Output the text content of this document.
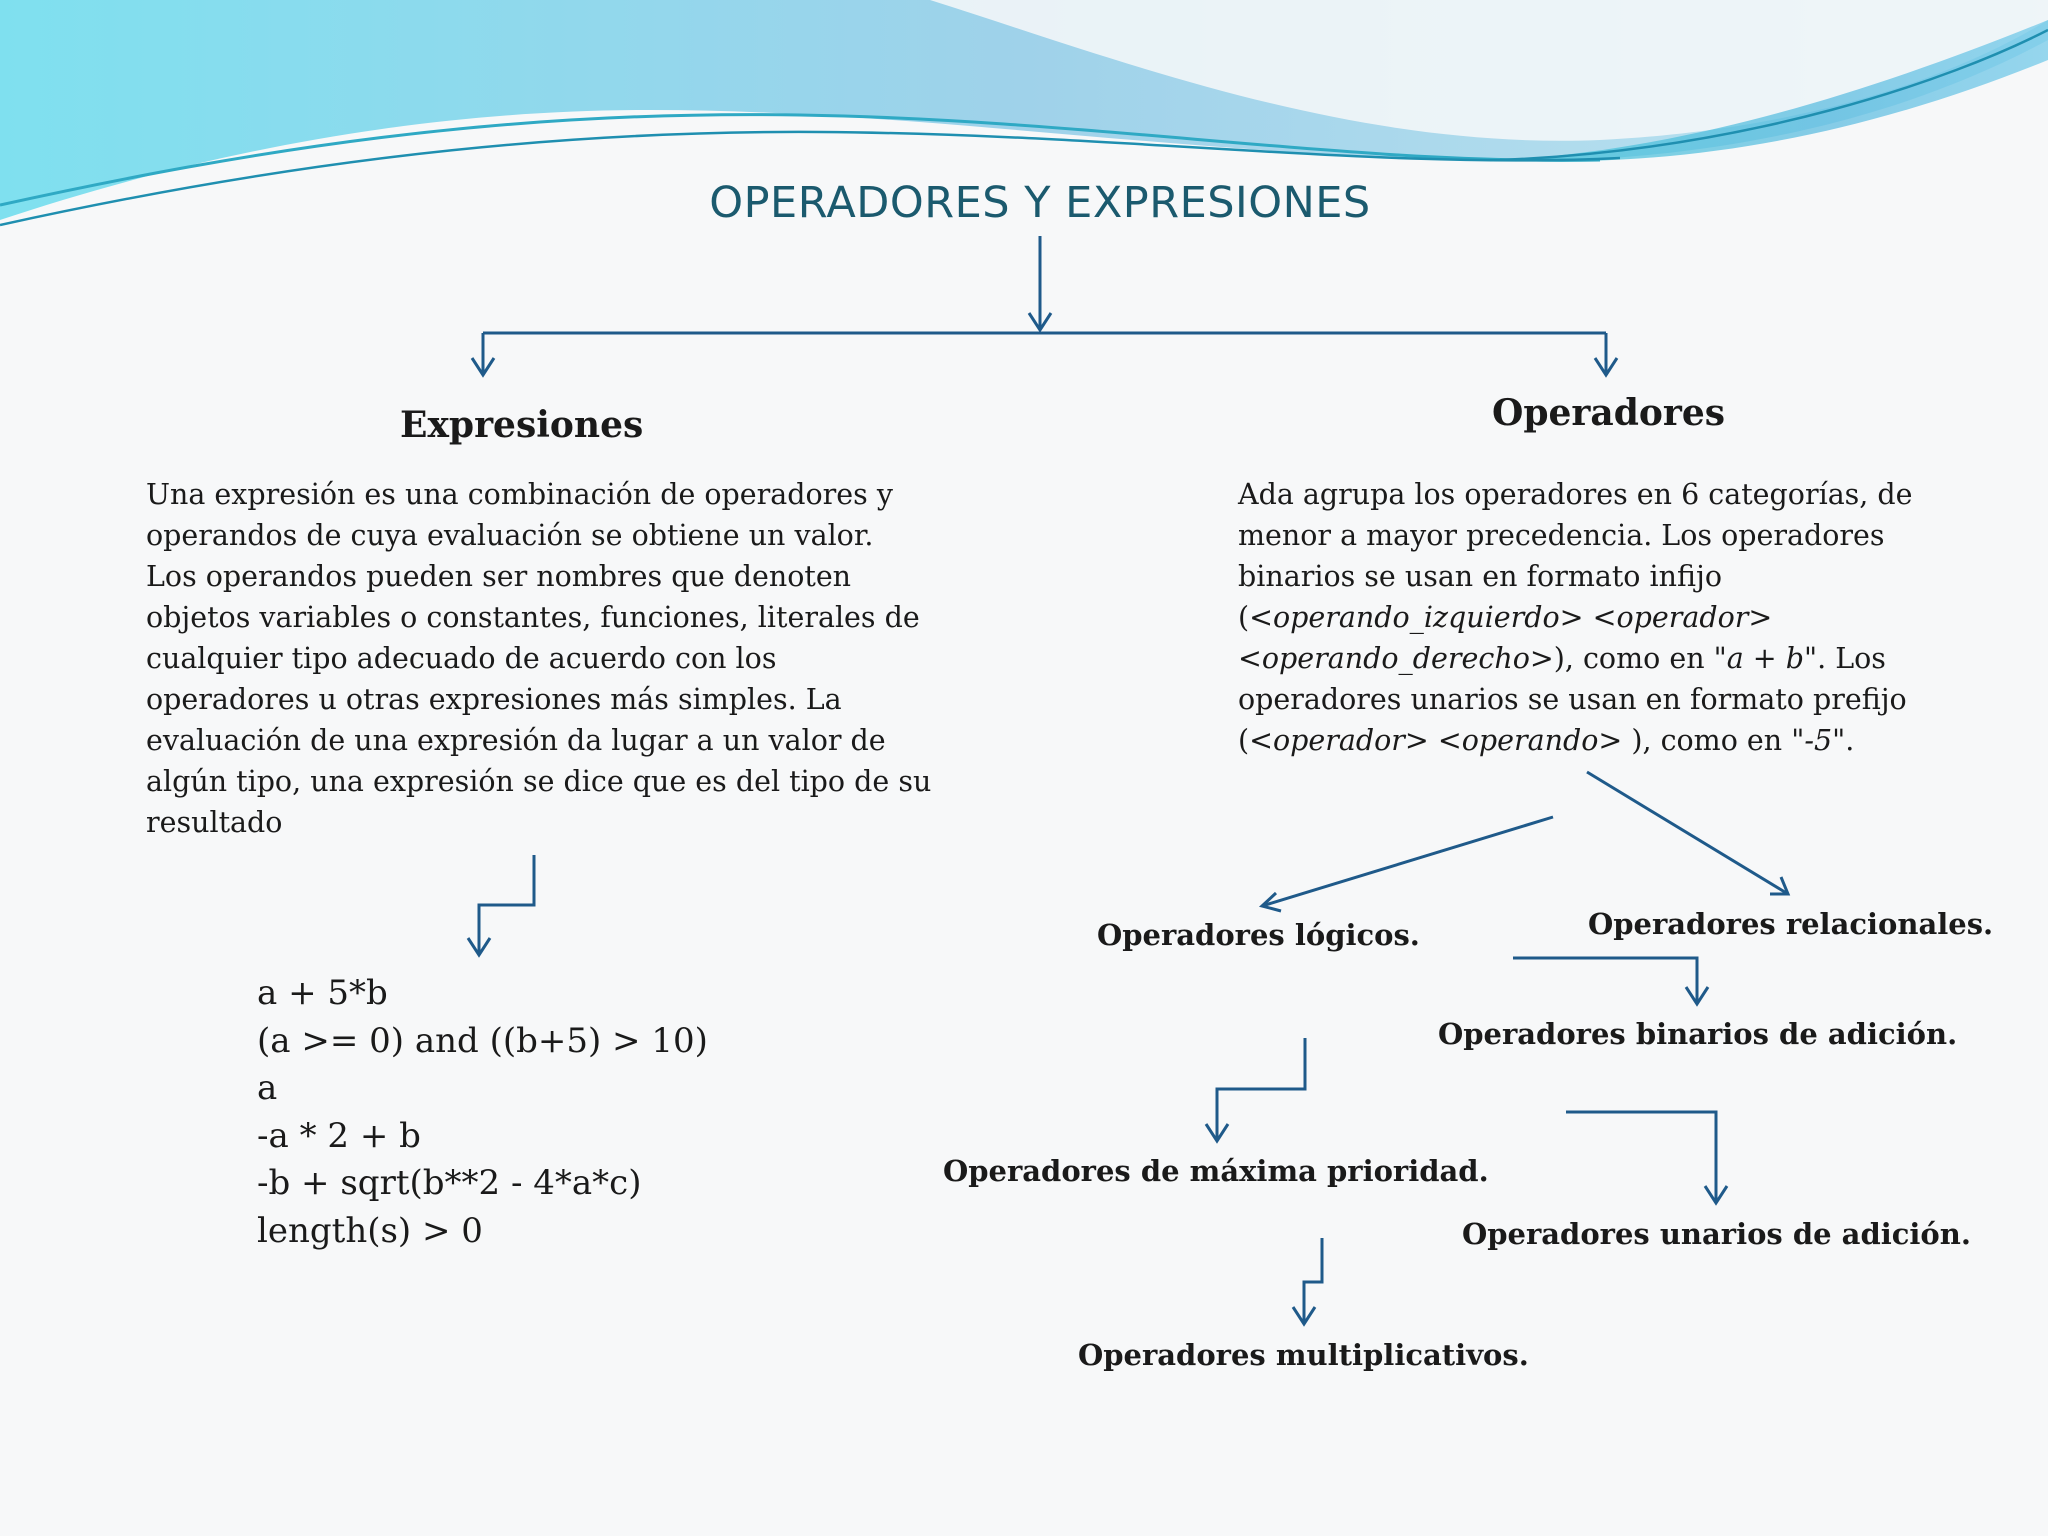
OPERADORES Y EXPRESIONES
Expresiones
Una expresión es una combinación de operadores y
operandos de cuya evaluación se obtiene un valor.
Los operandos pueden ser nombres que denoten
objetos variables o constantes, funciones, literales de
cualquier tipo adecuado de acuerdo con los
operadores u otras expresiones más simples. La
evaluación de una expresión da lugar a un valor de
algún tipo, una expresión se dice que es del tipo de su
resultado
a + 5*b
(a >= 0) and ((b+5) > 10)
a
-a * 2 + b
-b + sqrt(b**2 - 4*a*c)
length(s) > 0
Operadores
Ada agrupa los operadores en 6 categorías, de
menor a mayor precedencia. Los operadores
binarios se usan en formato infijo
(<operando_izquierdo> <operador>
<operando_derecho>), como en "a + b". Los
operadores unarios se usan en formato prefijo
(<operador> <operando> ), como en "-5".
Operadores lógicos.	Operadores relacionales.
Operadores binarios de adición.
Operadores de máxima prioridad.
Operadores unarios de adición.
Operadores multiplicativos.
